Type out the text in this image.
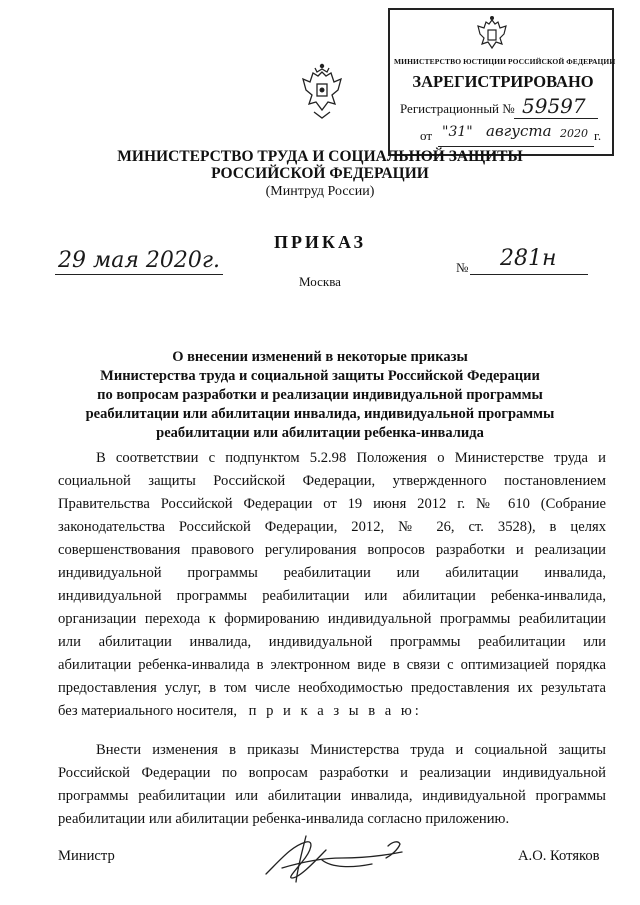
МИНИСТЕРСТВО ЮСТИЦИИ РОССИЙСКОЙ ФЕДЕРАЦИИ
ЗАРЕГИСТРИРОВАНО
Регистрационный № 59597
от "31" августа 2020 г.
МИНИСТЕРСТВО ТРУДА И СОЦИАЛЬНОЙ ЗАЩИТЫ
РОССИЙСКОЙ ФЕДЕРАЦИИ
(Минтруд России)
ПРИКАЗ
29 мая 2020г.	№ 281н
Москва
О внесении изменений в некоторые приказы
Министерства труда и социальной защиты Российской Федерации
по вопросам разработки и реализации индивидуальной программы
реабилитации или абилитации инвалида, индивидуальной программы
реабилитации или абилитации ребенка-инвалида
В соответствии с подпунктом 5.2.98 Положения о Министерстве труда и
социальной защиты Российской Федерации, утвержденного постановлением
Правительства Российской Федерации от 19 июня 2012 г. № 610 (Собрание
законодательства Российской Федерации, 2012, № 26, ст. 3528), в целях
совершенствования правового регулирования вопросов разработки и реализации
индивидуальной программы реабилитации или абилитации инвалида,
индивидуальной программы реабилитации или абилитации ребенка-инвалида,
организации перехода к формированию индивидуальной программы реабилитации
или абилитации инвалида, индивидуальной программы реабилитации или
абилитации ребенка-инвалида в электронном виде в связи с оптимизацией порядка
предоставления услуг, в том числе необходимостью предоставления их результата
без материального носителя, п р и к а з ы в а ю:
Внести изменения в приказы Министерства труда и социальной защиты
Российской Федерации по вопросам разработки и реализации индивидуальной
программы реабилитации или абилитации инвалида, индивидуальной программы
реабилитации или абилитации ребенка-инвалида согласно приложению.
Министр	А.О. Котяков
